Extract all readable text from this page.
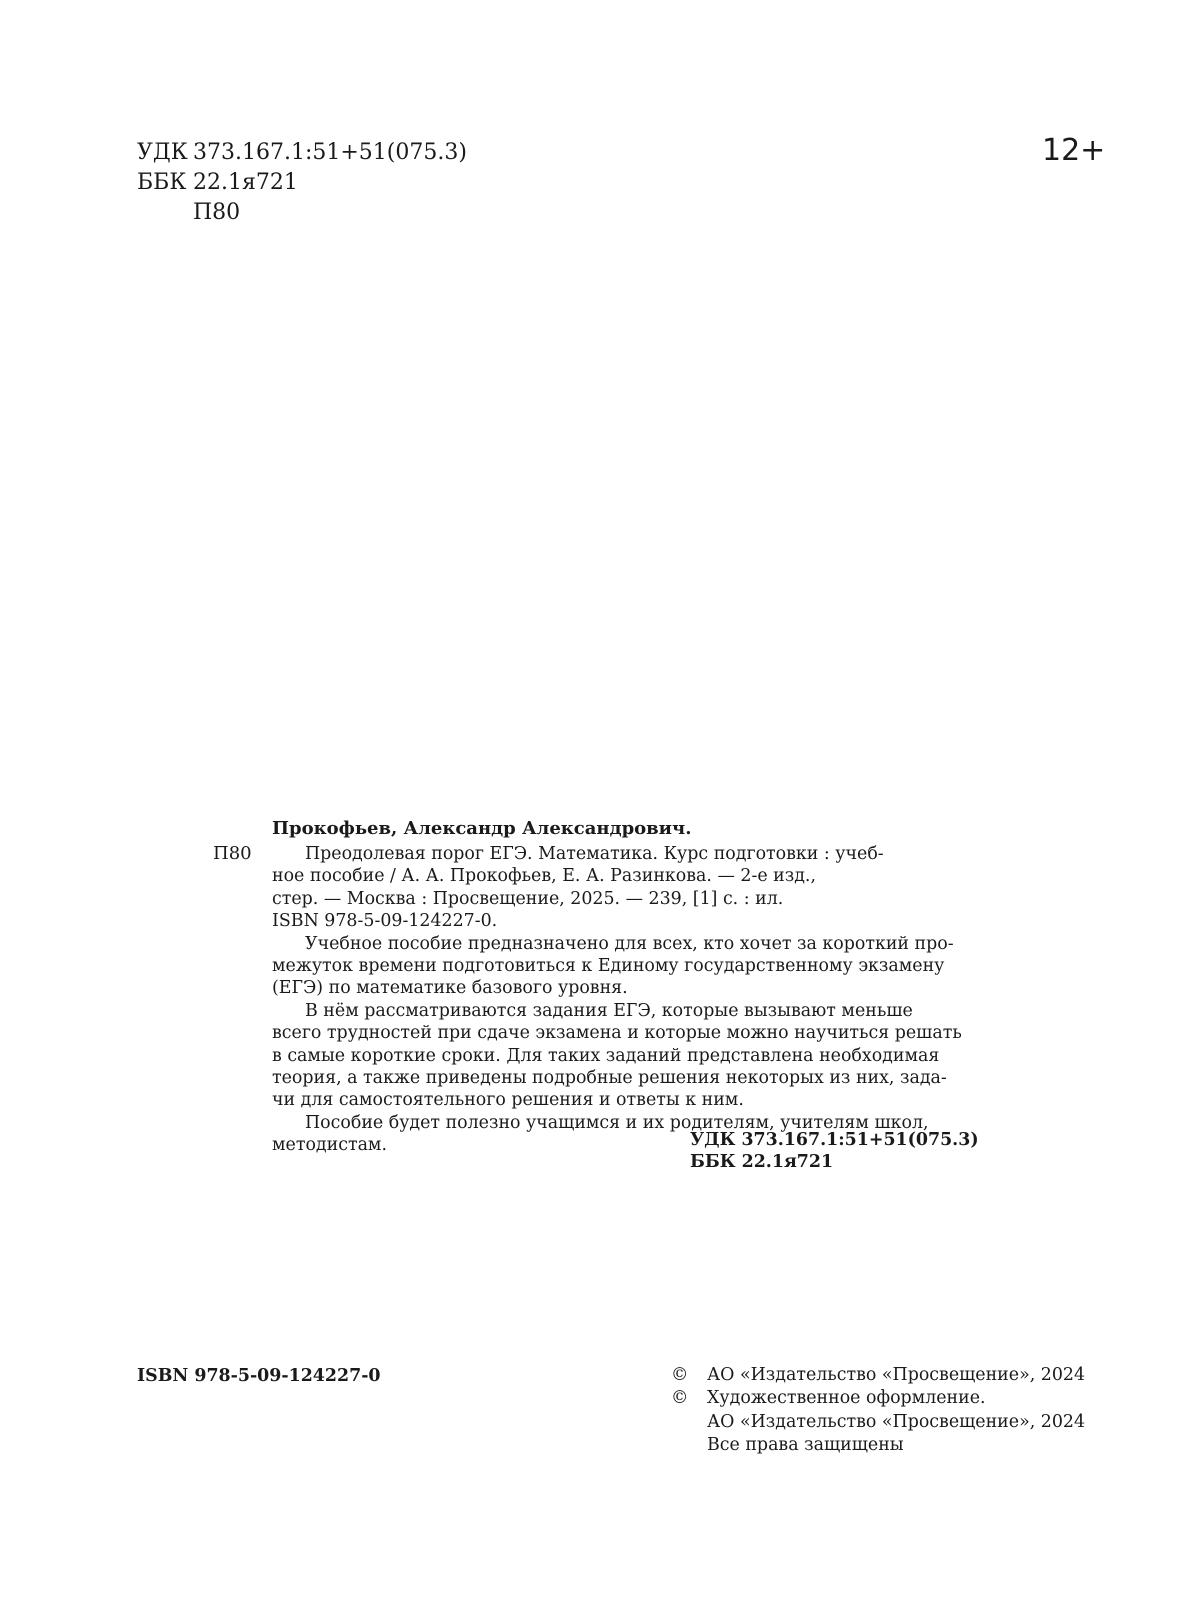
УДК 373.167.1:51+51(075.3)
ББК 22.1я721
П80
12+
Прокофьев, Александр Александрович.
П80	Преодолевая порог ЕГЭ. Математика. Курс подготовки : учеб-
ное пособие / А. А. Прокофьев, Е. А. Разинкова. — 2-е изд.,
стер. — Москва : Просвещение, 2025. — 239, [1] с. : ил.
ISBN 978-5-09-124227-0.
Учебное пособие предназначено для всех, кто хочет за короткий про-
межуток времени подготовиться к Единому государственному экзамену
(ЕГЭ) по математике базового уровня.
В нём рассматриваются задания ЕГЭ, которые вызывают меньше
всего трудностей при сдаче экзамена и которые можно научиться решать
в самые короткие сроки. Для таких заданий представлена необходимая
теория, а также приведены подробные решения некоторых из них, зада-
чи для самостоятельного решения и ответы к ним.
Пособие будет полезно учащимся и их родителям, учителям школ,
методистам.	УДК 373.167.1:51+51(075.3)
ББК 22.1я721
ISBN 978-5-09-124227-0	©	АО «Издательство «Просвещение», 2024
©	Художественное оформление.
АО «Издательство «Просвещение», 2024
Все права защищены
